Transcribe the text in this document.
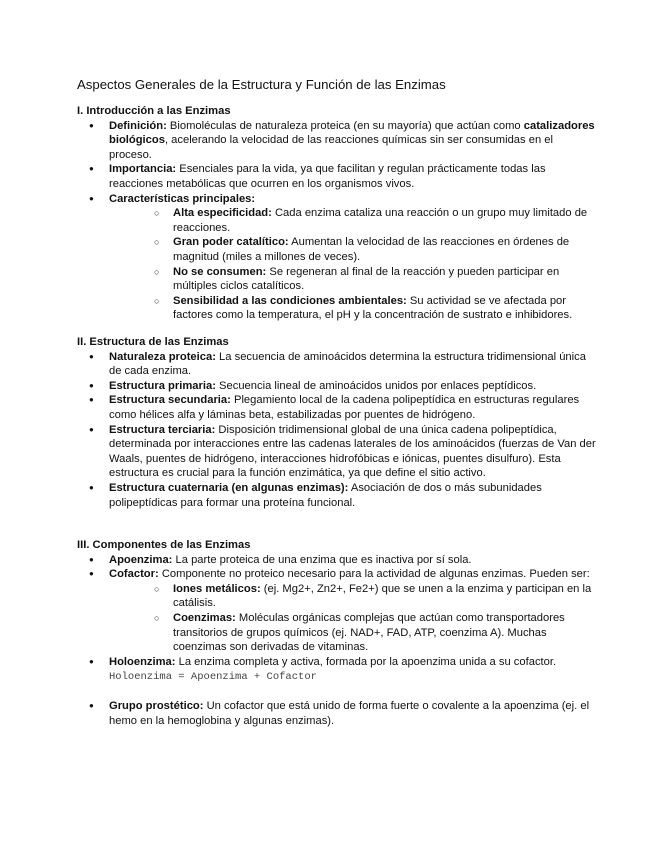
Aspectos Generales de la Estructura y Función de las Enzimas

I. Introducción a las Enzimas

● Definición: Biomoléculas de naturaleza proteica (en su mayoría) que actúan como catalizadores biológicos, acelerando la velocidad de las reacciones químicas sin ser consumidas en el proceso.
● Importancia: Esenciales para la vida, ya que facilitan y regulan prácticamente todas las reacciones metabólicas que ocurren en los organismos vivos.
● Características principales:
○ Alta especificidad: Cada enzima cataliza una reacción o un grupo muy limitado de reacciones.
○ Gran poder catalítico: Aumentan la velocidad de las reacciones en órdenes de magnitud (miles a millones de veces).
○ No se consumen: Se regeneran al final de la reacción y pueden participar en múltiples ciclos catalíticos.
○ Sensibilidad a las condiciones ambientales: Su actividad se ve afectada por factores como la temperatura, el pH y la concentración de sustrato e inhibidores.

II. Estructura de las Enzimas

● Naturaleza proteica: La secuencia de aminoácidos determina la estructura tridimensional única de cada enzima.
● Estructura primaria: Secuencia lineal de aminoácidos unidos por enlaces peptídicos.
● Estructura secundaria: Plegamiento local de la cadena polipeptídica en estructuras regulares como hélices alfa y láminas beta, estabilizadas por puentes de hidrógeno.
● Estructura terciaria: Disposición tridimensional global de una única cadena polipeptídica, determinada por interacciones entre las cadenas laterales de los aminoácidos (fuerzas de Van der Waals, puentes de hidrógeno, interacciones hidrofóbicas e iónicas, puentes disulfuro). Esta estructura es crucial para la función enzimática, ya que define el sitio activo.
● Estructura cuaternaria (en algunas enzimas): Asociación de dos o más subunidades polipeptídicas para formar una proteína funcional.

III. Componentes de las Enzimas

● Apoenzima: La parte proteica de una enzima que es inactiva por sí sola.
● Cofactor: Componente no proteico necesario para la actividad de algunas enzimas. Pueden ser:
○ Iones metálicos: (ej. Mg2+, Zn2+, Fe2+) que se unen a la enzima y participan en la catálisis.
○ Coenzimas: Moléculas orgánicas complejas que actúan como transportadores transitorios de grupos químicos (ej. NAD+, FAD, ATP, coenzima A). Muchas coenzimas son derivadas de vitaminas.
● Holoenzima: La enzima completa y activa, formada por la apoenzima unida a su cofactor.
Holoenzima = Apoenzima + Cofactor
● Grupo prostético: Un cofactor que está unido de forma fuerte o covalente a la apoenzima (ej. el hemo en la hemoglobina y algunas enzimas).
